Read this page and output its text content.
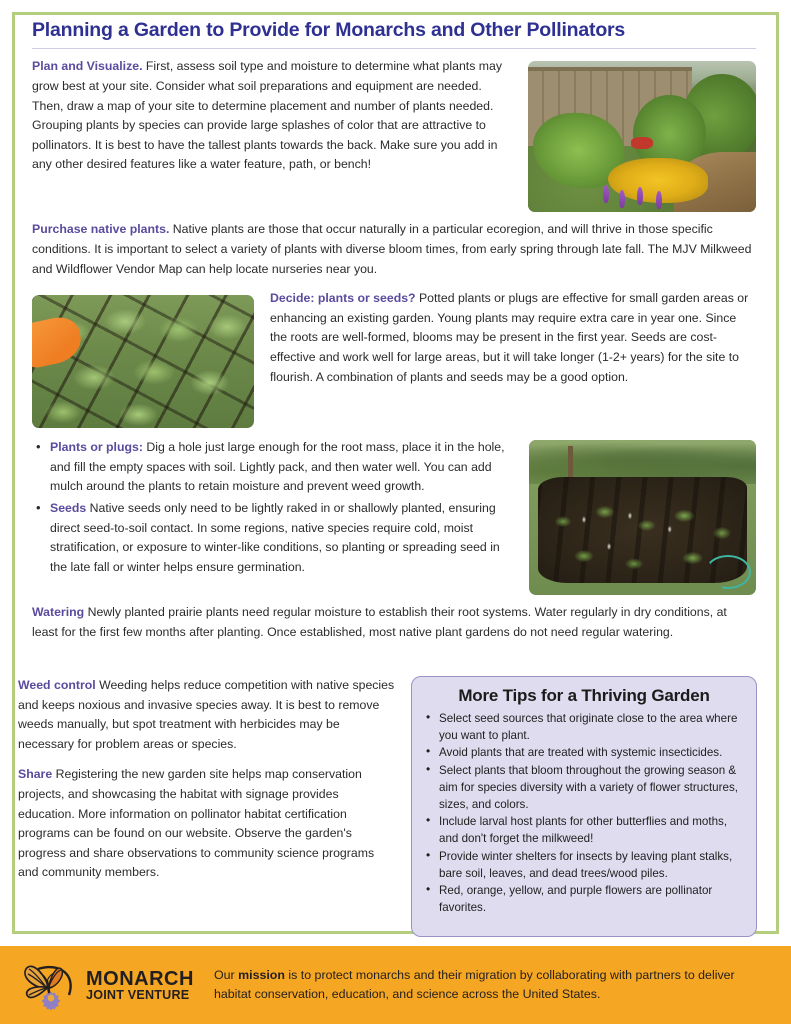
Planning a Garden to Provide for Monarchs and Other Pollinators

Plan and Visualize. First, assess soil type and moisture to determine what plants may grow best at your site. Consider what soil preparations and equipment are needed. Then, draw a map of your site to determine placement and number of plants needed. Grouping plants by species can provide large splashes of color that are attractive to pollinators. It is best to have the tallest plants towards the back. Make sure you add in any other desired features like a water feature, path, or bench!

Purchase native plants. Native plants are those that occur naturally in a particular ecoregion, and will thrive in those specific conditions. It is important to select a variety of plants with diverse bloom times, from early spring through late fall. The MJV Milkweed and Wildflower Vendor Map can help locate nurseries near you.

Decide: plants or seeds? Potted plants or plugs are effective for small garden areas or enhancing an existing garden. Young plants may require extra care in year one. Since the roots are well-formed, blooms may be present in the first year. Seeds are cost-effective and work well for large areas, but it will take longer (1-2+ years) for the site to flourish. A combination of plants and seeds may be a good option.

• Plants or plugs: Dig a hole just large enough for the root mass, place it in the hole, and fill the empty spaces with soil. Lightly pack, and then water well. You can add mulch around the plants to retain moisture and prevent weed growth.
• Seeds Native seeds only need to be lightly raked in or shallowly planted, ensuring direct seed-to-soil contact. In some regions, native species require cold, moist stratification, or exposure to winter-like conditions, so planting or spreading seed in the late fall or winter helps ensure germination.

Watering Newly planted prairie plants need regular moisture to establish their root systems. Water regularly in dry conditions, at least for the first few months after planting. Once established, most native plant gardens do not need regular watering.

Weed control Weeding helps reduce competition with native species and keeps noxious and invasive species away. It is best to remove weeds manually, but spot treatment with herbicides may be necessary for problem areas or species.

Share Registering the new garden site helps map conservation projects, and showcasing the habitat with signage provides education. More information on pollinator habitat certification programs can be found on our website. Observe the garden's progress and share observations to community science programs and community members.

More Tips for a Thriving Garden
• Select seed sources that originate close to the area where you want to plant.
• Avoid plants that are treated with systemic insecticides.
• Select plants that bloom throughout the growing season & aim for species diversity with a variety of flower structures, sizes, and colors.
• Include larval host plants for other butterflies and moths, and don't forget the milkweed!
• Provide winter shelters for insects by leaving plant stalks, bare soil, leaves, and dead trees/wood piles.
• Red, orange, yellow, and purple flowers are pollinator favorites.
MONARCH
JOINT VENTURE
Our mission is to protect monarchs and their migration by collaborating with partners to deliver habitat conservation, education, and science across the United States.
